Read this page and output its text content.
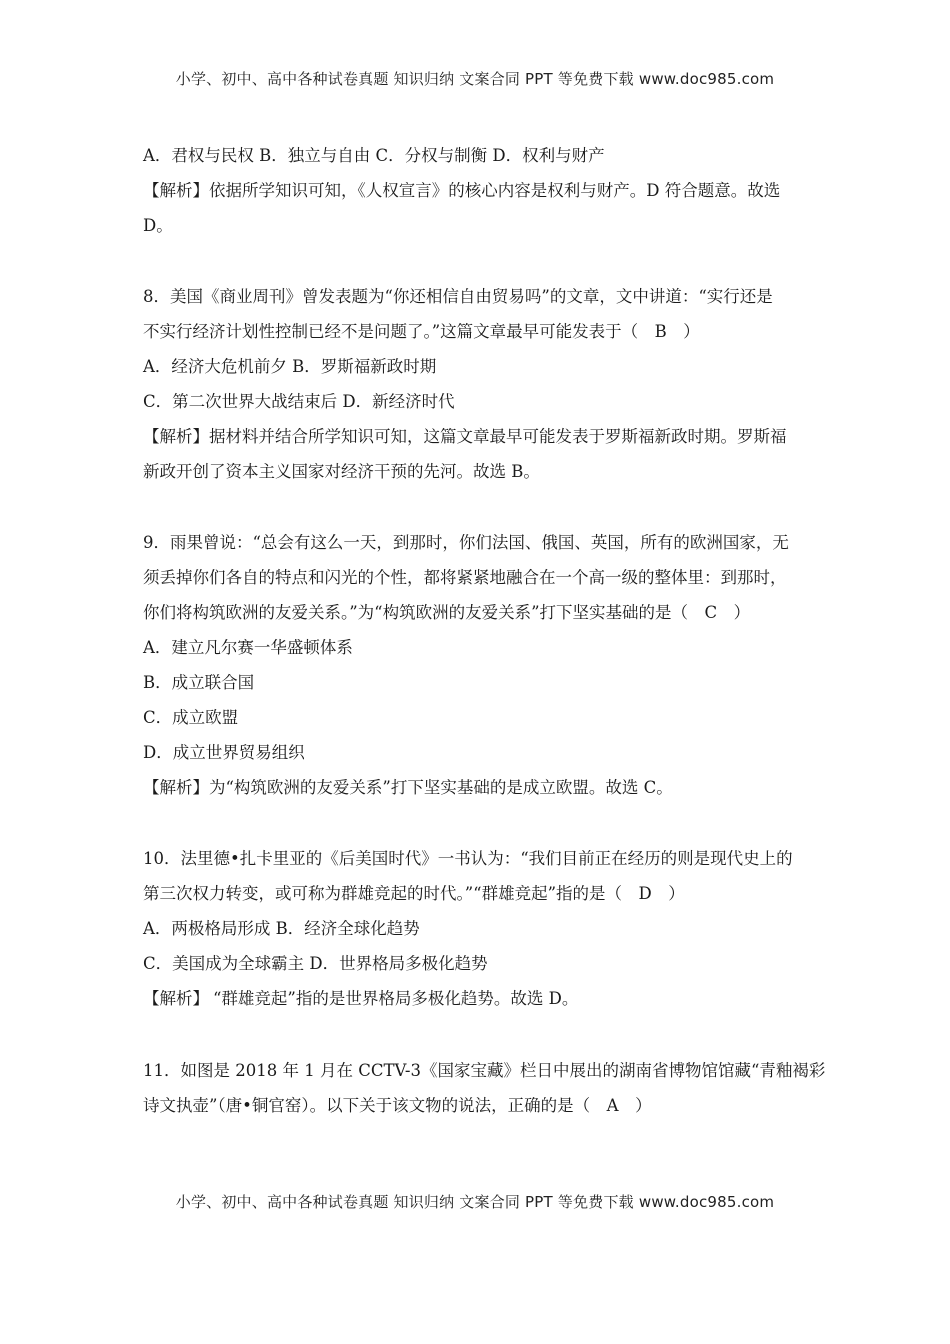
小学、初中、高中各种试卷真题 知识归纳 文案合同 PPT 等免费下载 www.doc985.com
A．君权与民权 B．独立与自由 C．分权与制衡 D．权利与财产
【解析】依据所学知识可知，《人权宣言》的核心内容是权利与财产。D 符合题意。故选
D。
8．美国《商业周刊》曾发表题为“你还相信自由贸易吗”的文章，文中讲道：“实行还是
不实行经济计划性控制已经不是问题了。”这篇文章最早可能发表于（　B　）
A．经济大危机前夕 B．罗斯福新政时期
C．第二次世界大战结束后 D．新经济时代
【解析】据材料并结合所学知识可知，这篇文章最早可能发表于罗斯福新政时期。罗斯福
新政开创了资本主义国家对经济干预的先河。故选 B。
9．雨果曾说：“总会有这么一天，到那时，你们法国、俄国、英国，所有的欧洲国家，无
须丢掉你们各自的特点和闪光的个性，都将紧紧地融合在一个高一级的整体里：到那时，
你们将构筑欧洲的友爱关系。”为“构筑欧洲的友爱关系”打下坚实基础的是（　C　）
A．建立凡尔赛一华盛顿体系
B．成立联合国
C．成立欧盟
D．成立世界贸易组织
【解析】为“构筑欧洲的友爱关系”打下坚实基础的是成立欧盟。故选 C。
10．法里德•扎卡里亚的《后美国时代》一书认为：“我们目前正在经历的则是现代史上的
第三次权力转变，或可称为群雄竞起的时代。”“群雄竞起”指的是（　D　）
A．两极格局形成 B．经济全球化趋势
C．美国成为全球霸主 D．世界格局多极化趋势
【解析】 “群雄竞起”指的是世界格局多极化趋势。故选 D。
11．如图是 2018 年 1 月在 CCTV-3《国家宝藏》栏日中展出的湖南省博物馆馆藏“青釉褐彩
诗文执壶”（唐•铜官窑）。以下关于该文物的说法，正确的是（　A　）
小学、初中、高中各种试卷真题 知识归纳 文案合同 PPT 等免费下载 www.doc985.com
